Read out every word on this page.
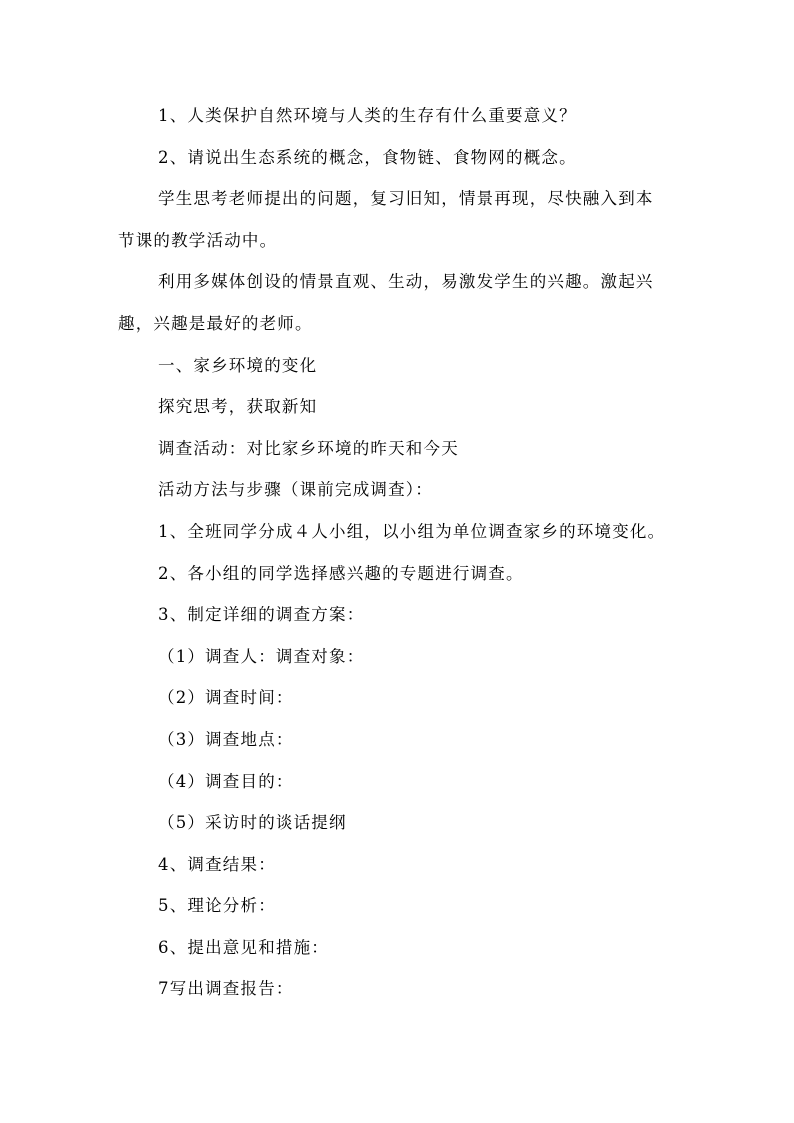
1、人类保护自然环境与人类的生存有什么重要意义？
2、请说出生态系统的概念，食物链、食物网的概念。
学生思考老师提出的问题，复习旧知，情景再现，尽快融入到本
节课的教学活动中。
利用多媒体创设的情景直观、生动，易激发学生的兴趣。激起兴
趣，兴趣是最好的老师。
一、家乡环境的变化
探究思考，获取新知
调查活动：对比家乡环境的昨天和今天
活动方法与步骤（课前完成调查）：
1、全班同学分成４人小组，以小组为单位调查家乡的环境变化。
2、各小组的同学选择感兴趣的专题进行调查。
3、制定详细的调查方案：
（1）调查人：调查对象：
（2）调查时间：
（3）调查地点：
（4）调查目的：
（5）采访时的谈话提纲
4、调查结果：
5、理论分析：
6、提出意见和措施：
7写出调查报告：
